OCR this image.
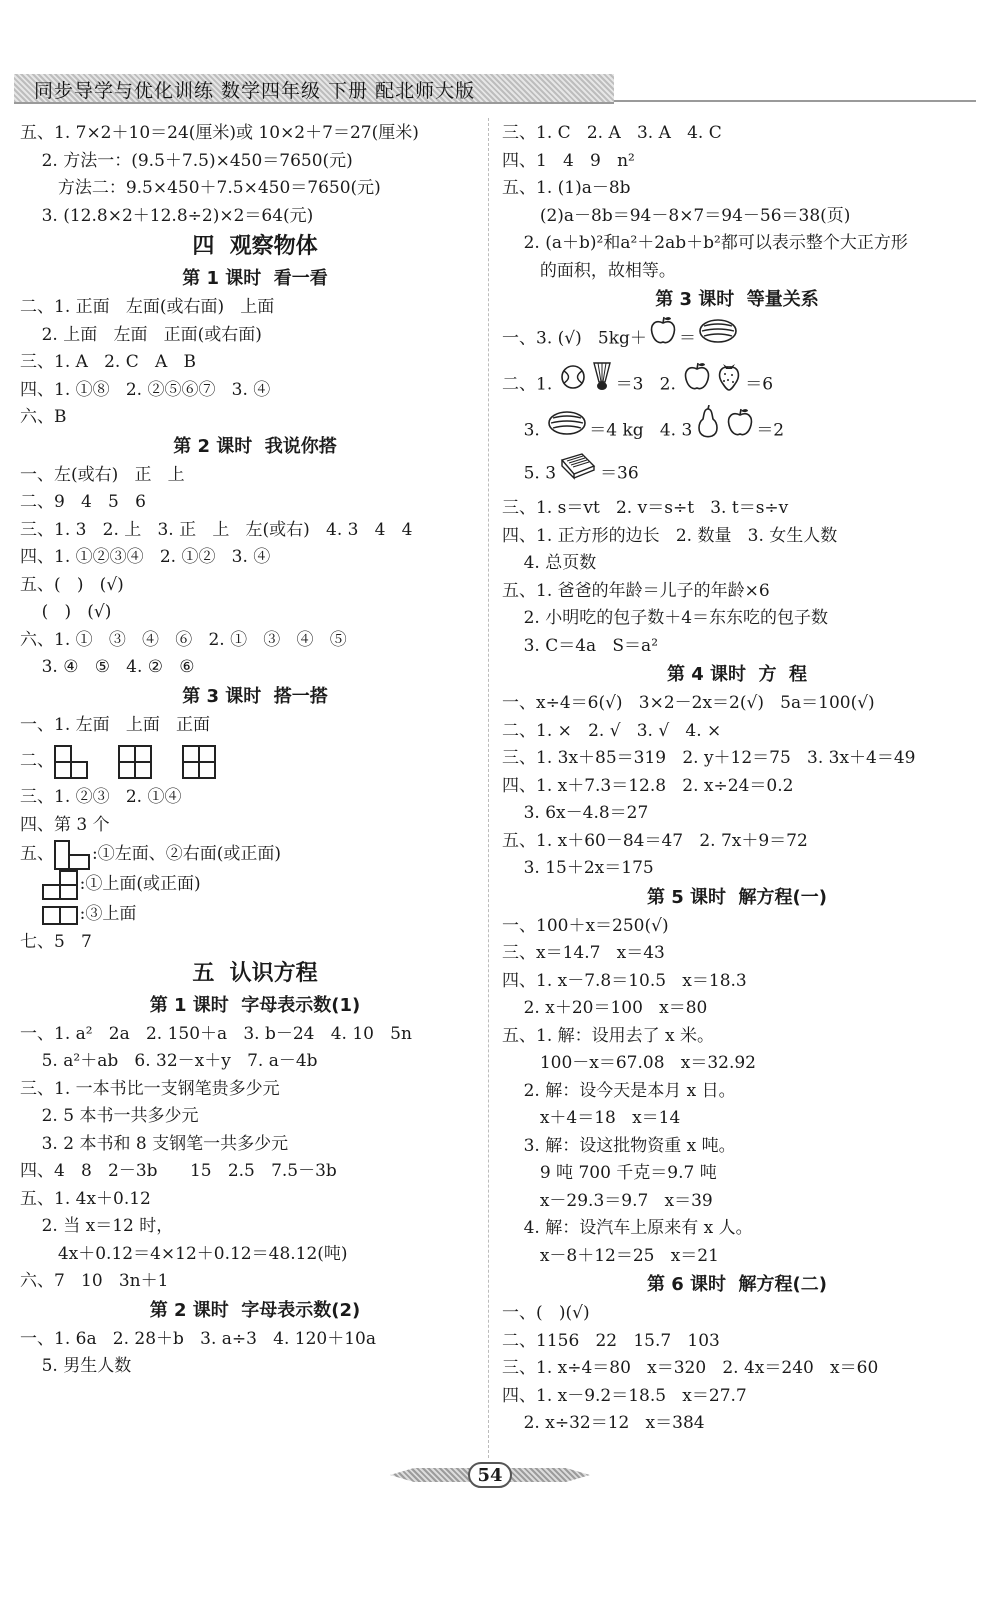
同步导学与优化训练 数学四年级 下册 配北师大版
五、1. 7×2＋10＝24(厘米)或 10×2＋7＝27(厘米)
2. 方法一：(9.5＋7.5)×450＝7650(元)
方法二：9.5×450＋7.5×450＝7650(元)
3. (12.8×2＋12.8÷2)×2＝64(元)
四  观察物体
第 1 课时  看一看
二、1. 正面   左面(或右面)   上面
2. 上面   左面   正面(或右面)
三、1. A   2. C   A   B
四、1. ①⑧   2. ②⑤⑥⑦   3. ④
六、B
第 2 课时  我说你搭
一、左(或右)   正   上
二、9   4   5   6
三、1. 3   2. 上   3. 正   上   左(或右)   4. 3   4   4
四、1. ①②③④   2. ①②   3. ④
五、(   )   (√)
(   )   (√)
六、1. ①   ③   ④   ⑥   2. ①   ③   ④   ⑤
3. ④   ⑤   4. ②   ⑥
第 3 课时  搭一搭
一、1. 左面   上面   正面
二、
三、1. ②③   2. ①④
四、第 3 个
五、 :①左面、②右面(或正面)
:①上面(或正面)
:③上面
七、5   7
五  认识方程
第 1 课时  字母表示数(1)
一、1. a²   2a   2. 150＋a   3. b－24   4. 10   5n
5. a²＋ab   6. 32－x＋y   7. a－4b
三、1. 一本书比一支钢笔贵多少元
2. 5 本书一共多少元
3. 2 本书和 8 支钢笔一共多少元
四、4   8   2－3b      15   2.5   7.5－3b
五、1. 4x＋0.12
2. 当 x＝12 时，
4x＋0.12＝4×12＋0.12＝48.12(吨)
六、7   10   3n＋1
第 2 课时  字母表示数(2)
一、1. 6a   2. 28＋b   3. a÷3   4. 120＋10a
5. 男生人数
三、1. C   2. A   3. A   4. C
四、1   4   9   n²
五、1. (1)a－8b
(2)a－8b＝94－8×7＝94－56＝38(页)
2. (a＋b)²和a²＋2ab＋b²都可以表示整个大正方形
的面积，故相等。
第 3 课时  等量关系
一、3. (√)   5kg＋ ＝
二、1.	＝3   2.	＝6
3.	＝4 kg   4. 3	＝2
5. 3	＝36
三、1. s＝vt   2. v＝s÷t   3. t＝s÷v
四、1. 正方形的边长   2. 数量   3. 女生人数
4. 总页数
五、1. 爸爸的年龄＝儿子的年龄×6
2. 小明吃的包子数＋4＝东东吃的包子数
3. C＝4a   S＝a²
第 4 课时  方  程
一、x÷4＝6(√)   3×2－2x＝2(√)   5a＝100(√)
二、1. ×   2. √   3. √   4. ×
三、1. 3x＋85＝319   2. y＋12＝75   3. 3x＋4＝49
四、1. x＋7.3＝12.8   2. x÷24＝0.2
3. 6x－4.8＝27
五、1. x＋60－84＝47   2. 7x＋9＝72
3. 15＋2x＝175
第 5 课时  解方程(一)
一、100＋x＝250(√)
三、x＝14.7   x＝43
四、1. x－7.8＝10.5   x＝18.3
2. x＋20＝100   x＝80
五、1. 解：设用去了 x 米。
100－x＝67.08   x＝32.92
2. 解：设今天是本月 x 日。
x＋4＝18   x＝14
3. 解：设这批物资重 x 吨。
9 吨 700 千克＝9.7 吨
x－29.3＝9.7   x＝39
4. 解：设汽车上原来有 x 人。
x－8＋12＝25   x＝21
第 6 课时  解方程(二)
一、(   )(√)
二、1156   22   15.7   103
三、1. x÷4＝80   x＝320   2. 4x＝240   x＝60
四、1. x－9.2＝18.5   x＝27.7
2. x÷32＝12   x＝384
54
